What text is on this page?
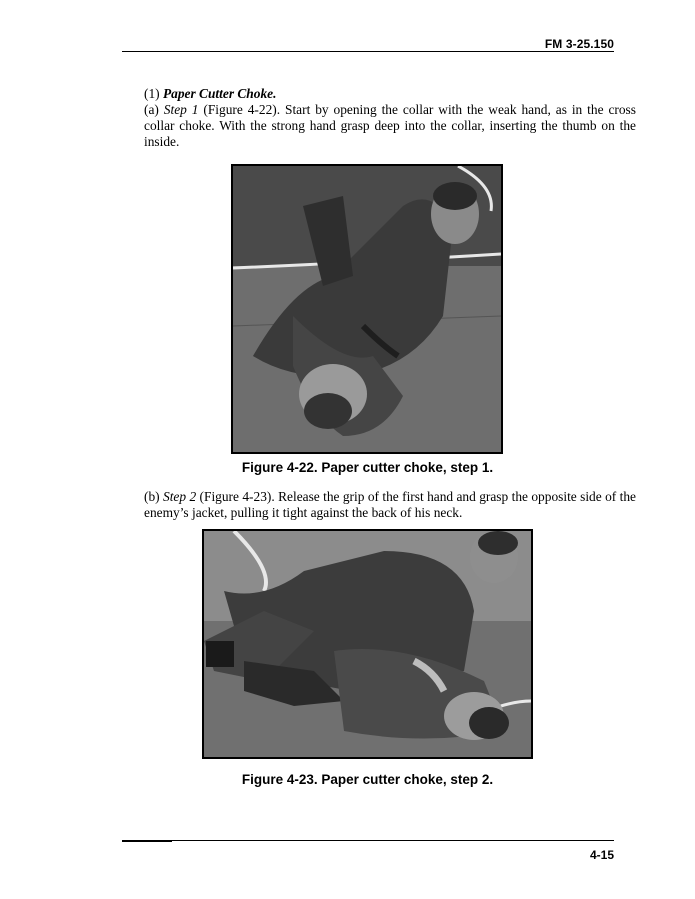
FM 3-25.150
(1) Paper Cutter Choke.
(a) Step 1 (Figure 4-22). Start by opening the collar with the weak hand, as in the cross collar choke. With the strong hand grasp deep into the collar, inserting the thumb on the inside.
Figure 4-22. Paper cutter choke, step 1.
(b) Step 2 (Figure 4-23). Release the grip of the first hand and grasp the opposite side of the enemy’s jacket, pulling it tight against the back of his neck.
Figure 4-23. Paper cutter choke, step 2.
4-15
